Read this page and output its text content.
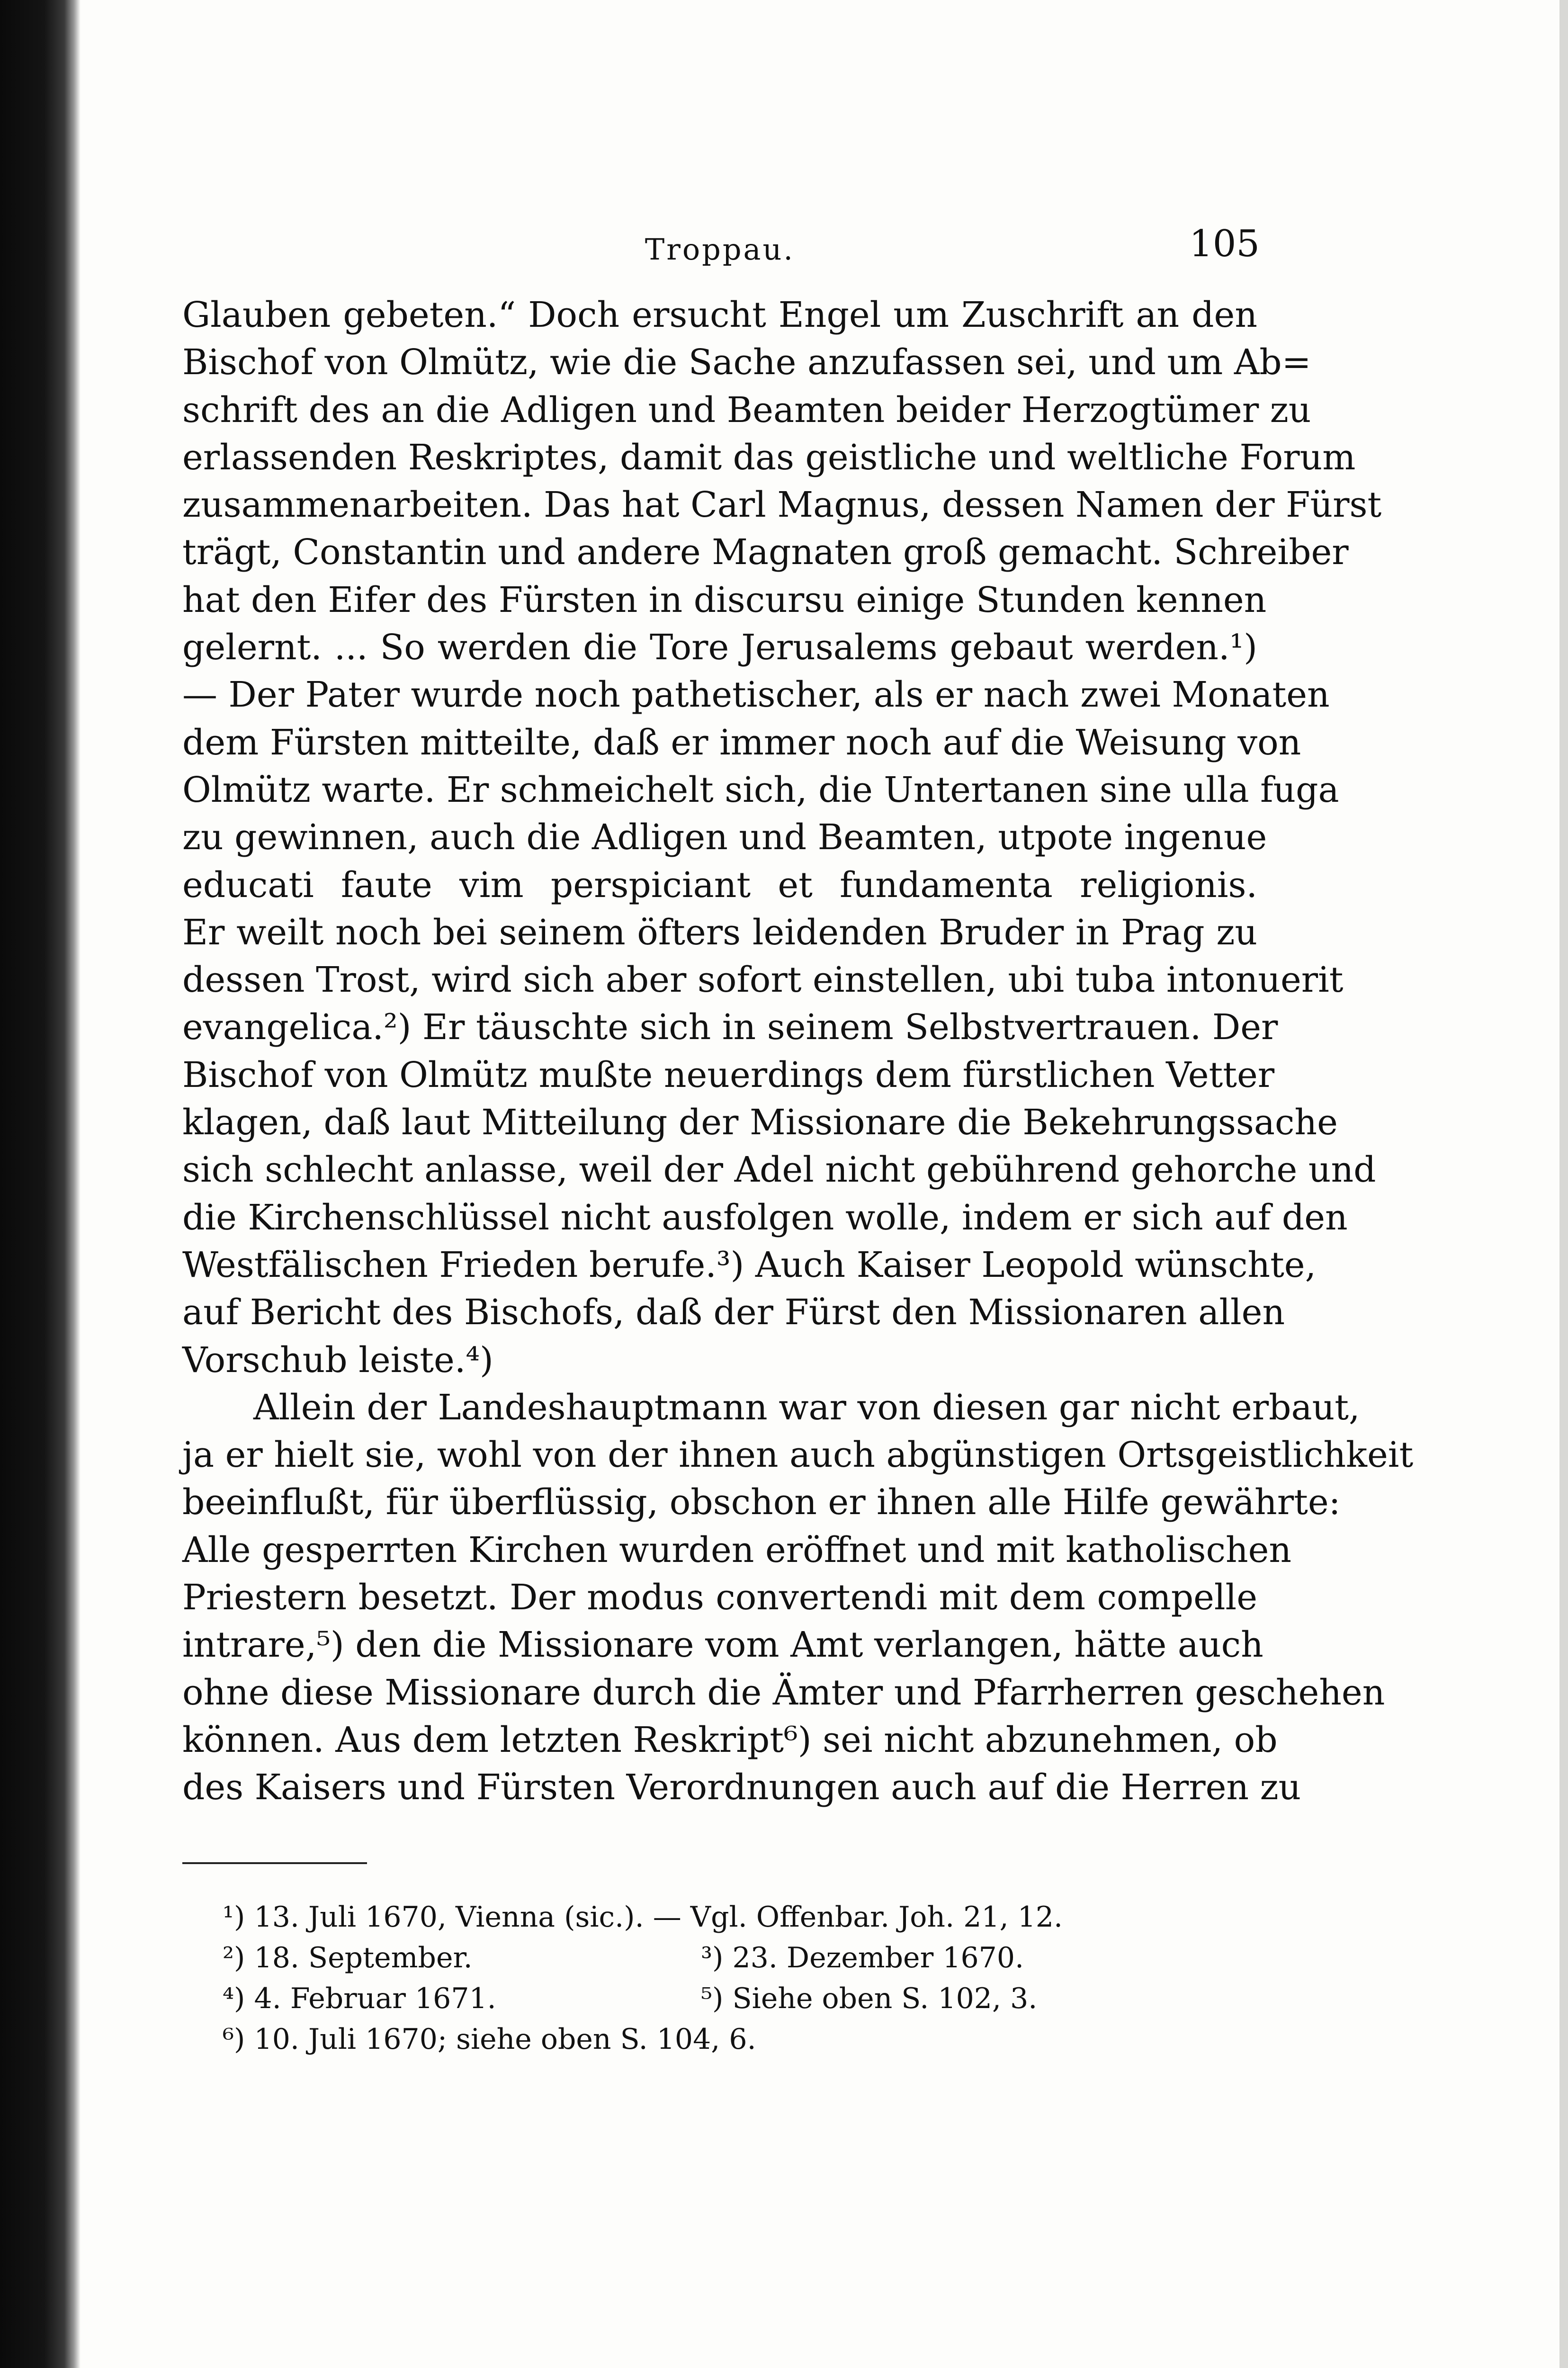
Troppau.	105
Glauben gebeten.“ Doch ersucht Engel um Zuschrift an den
Bischof von Olmütz, wie die Sache anzufassen sei, und um Ab=
schrift des an die Adligen und Beamten beider Herzogtümer zu
erlassenden Reskriptes, damit das geistliche und weltliche Forum
zusammenarbeiten. Das hat Carl Magnus, dessen Namen der Fürst
trägt, Constantin und andere Magnaten groß gemacht. Schreiber
hat den Eifer des Fürsten in discursu einige Stunden kennen
gelernt. ... So werden die Tore Jerusalems gebaut werden.¹)
— Der Pater wurde noch pathetischer, als er nach zwei Monaten
dem Fürsten mitteilte, daß er immer noch auf die Weisung von
Olmütz warte. Er schmeichelt sich, die Untertanen sine ulla fuga
zu gewinnen, auch die Adligen und Beamten, utpote ingenue
educati faute vim perspiciant et fundamenta religionis.
Er weilt noch bei seinem öfters leidenden Bruder in Prag zu
dessen Trost, wird sich aber sofort einstellen, ubi tuba intonuerit
evangelica.²) Er täuschte sich in seinem Selbstvertrauen. Der
Bischof von Olmütz mußte neuerdings dem fürstlichen Vetter
klagen, daß laut Mitteilung der Missionare die Bekehrungssache
sich schlecht anlasse, weil der Adel nicht gebührend gehorche und
die Kirchenschlüssel nicht ausfolgen wolle, indem er sich auf den
Westfälischen Frieden berufe.³) Auch Kaiser Leopold wünschte,
auf Bericht des Bischofs, daß der Fürst den Missionaren allen
Vorschub leiste.⁴)
Allein der Landeshauptmann war von diesen gar nicht erbaut,
ja er hielt sie, wohl von der ihnen auch abgünstigen Ortsgeistlichkeit
beeinflußt, für überflüssig, obschon er ihnen alle Hilfe gewährte:
Alle gesperrten Kirchen wurden eröffnet und mit katholischen
Priestern besetzt. Der modus convertendi mit dem compelle
intrare,⁵) den die Missionare vom Amt verlangen, hätte auch
ohne diese Missionare durch die Ämter und Pfarrherren geschehen
können. Aus dem letzten Reskript⁶) sei nicht abzunehmen, ob
des Kaisers und Fürsten Verordnungen auch auf die Herren zu
¹) 13. Juli 1670, Vienna (sic.). — Vgl. Offenbar. Joh. 21, 12.
²) 18. September.	³) 23. Dezember 1670.
⁴) 4. Februar 1671.	⁵) Siehe oben S. 102, 3.
⁶) 10. Juli 1670; siehe oben S. 104, 6.
